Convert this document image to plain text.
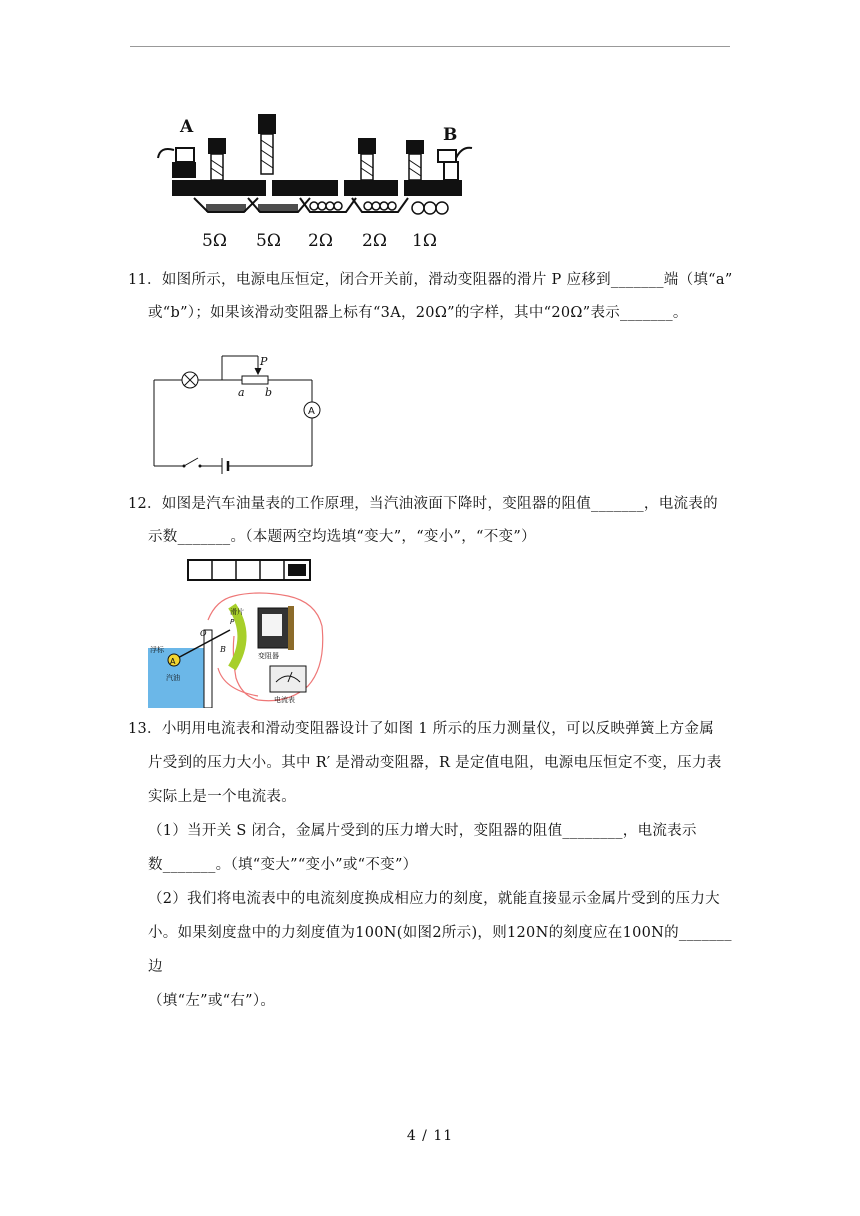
A	B
5Ω 5Ω 2Ω 2Ω 1Ω

11．如图所示，电源电压恒定，闭合开关前，滑动变阻器的滑片 P 应移到_______端（填“a”

或“b”）；如果该滑动变阻器上标有“3A，20Ω”的字样，其中“20Ω”表示_______。

P
a b
A

12．如图是汽车油量表的工作原理，当汽油液面下降时，变阻器的阻值_______，电流表的

示数_______。（本题两空均选填“变大”，“变小”，“不变”）

A
O
B
浮标
汽油
滑片
P
变阻器
电流表

13．小明用电流表和滑动变阻器设计了如图 1 所示的压力测量仪，可以反映弹簧上方金属

片受到的压力大小。其中 R′ 是滑动变阻器，R 是定值电阻，电源电压恒定不变，压力表

实际上是一个电流表。

（1）当开关 S 闭合，金属片受到的压力增大时，变阻器的阻值________，电流表示

数_______。（填“变大”“变小”或“不变”）

（2）我们将电流表中的电流刻度换成相应力的刻度，就能直接显示金属片受到的压力大

小。如果刻度盘中的力刻度值为100N(如图2所示)，则120N的刻度应在100N的_______边

（填“左”或“右”）。

4 / 11
